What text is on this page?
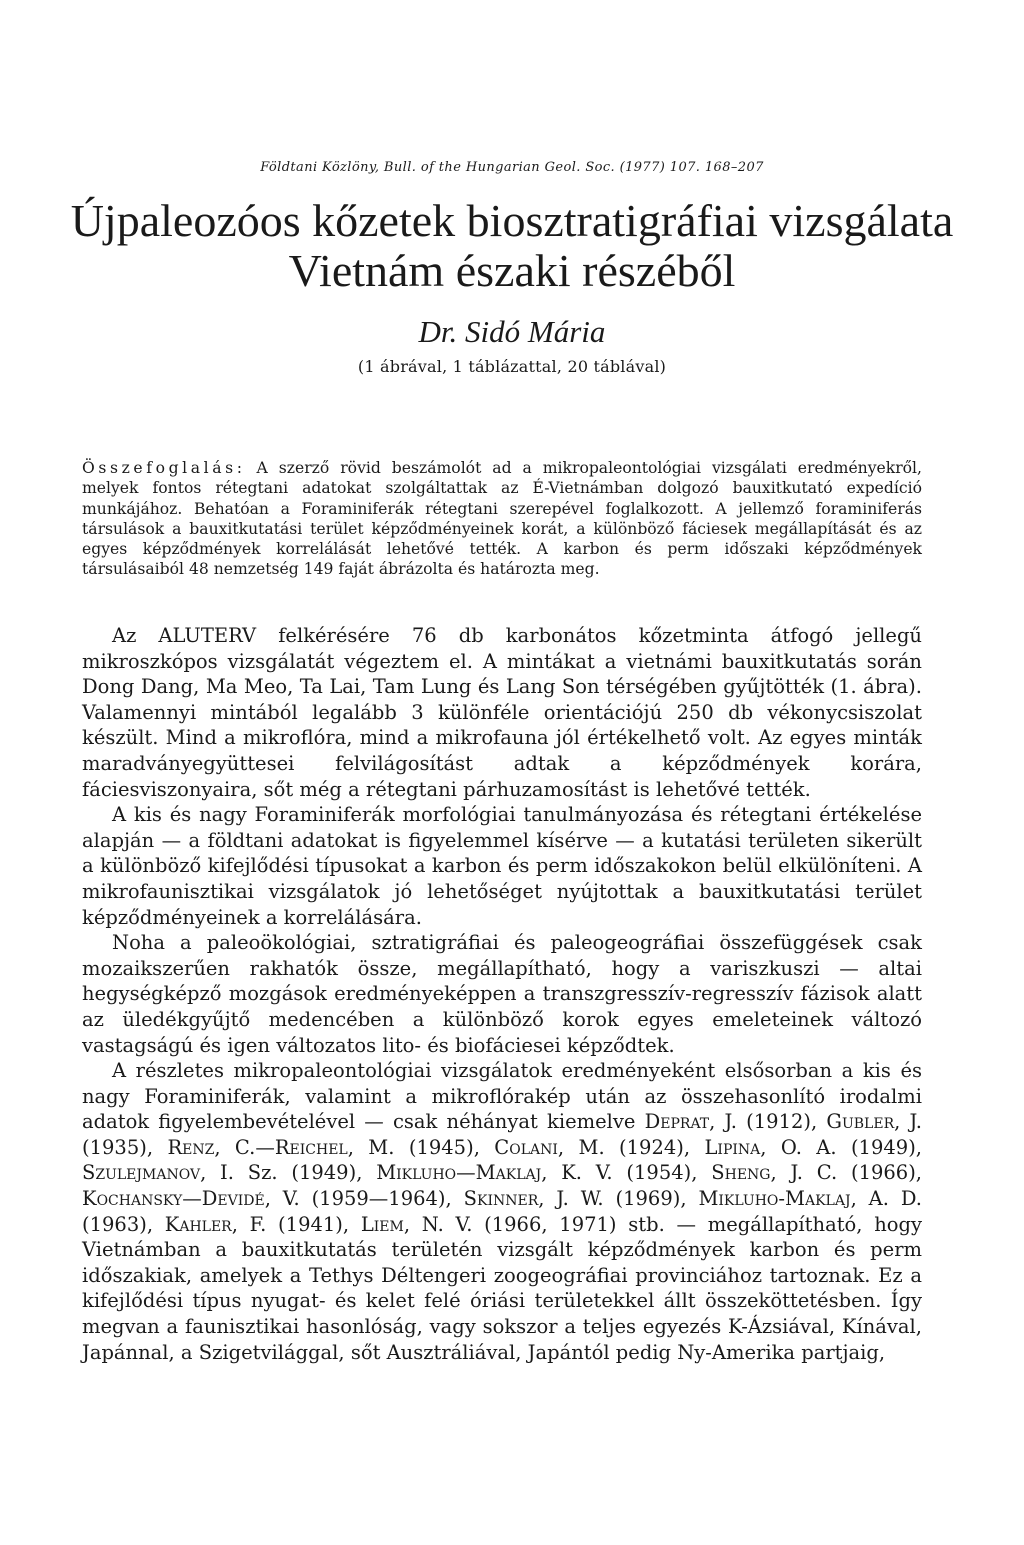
Földtani Közlöny, Bull. of the Hungarian Geol. Soc. (1977) 107. 168–207
Újpaleozóos kőzetek biosztratigráfiai vizsgálata
Vietnám északi részéből
Dr. Sidó Mária
(1 ábrával, 1 táblázattal, 20 táblával)

Összefoglalás: A szerző rövid beszámolót ad a mikropaleontológiai vizsgálati eredményekről, melyek fontos rétegtani adatokat szolgáltattak az É-Vietnámban dolgozó bauxitkutató expedíció munkájához. Behatóan a Foraminiferák rétegtani szerepével foglalkozott. A jellemző foraminiferás társulások a bauxitkutatási terület képződményeinek korát, a különböző fáciesek megállapítását és az egyes képződmények korrelálását lehetővé tették. A karbon és perm időszaki képződmények társulásaiból 48 nemzetség 149 faját ábrázolta és határozta meg.

Az ALUTERV felkérésére 76 db karbonátos kőzetminta átfogó jellegű mikroszkópos vizsgálatát végeztem el. A mintákat a vietnámi bauxitkutatás során Dong Dang, Ma Meo, Ta Lai, Tam Lung és Lang Son térségében gyűjtötték (1. ábra). Valamennyi mintából legalább 3 különféle orientációjú 250 db vékonycsiszolat készült. Mind a mikroflóra, mind a mikrofauna jól értékelhető volt. Az egyes minták maradványegyüttesei felvilágosítást adtak a képződmények korára, fáciesviszonyaira, sőt még a rétegtani párhuzamosítást is lehetővé tették.

A kis és nagy Foraminiferák morfológiai tanulmányozása és rétegtani értékelése alapján — a földtani adatokat is figyelemmel kísérve — a kutatási területen sikerült a különböző kifejlődési típusokat a karbon és perm időszakokon belül elkülöníteni. A mikrofaunisztikai vizsgálatok jó lehetőséget nyújtottak a bauxitkutatási terület képződményeinek a korrelálására.

Noha a paleoökológiai, sztratigráfiai és paleogeográfiai összefüggések csak mozaikszerűen rakhatók össze, megállapítható, hogy a variszkuszi — altai hegységképző mozgások eredményeképpen a transzgresszív-regresszív fázisok alatt az üledékgyűjtő medencében a különböző korok egyes emeleteinek változó vastagságú és igen változatos lito- és biofáciesei képződtek.

A részletes mikropaleontológiai vizsgálatok eredményeként elsősorban a kis és nagy Foraminiferák, valamint a mikroflórakép után az összehasonlító irodalmi adatok figyelembevételével — csak néhányat kiemelve Deprat, J. (1912), Gubler, J. (1935), Renz, C.—Reichel, M. (1945), Colani, M. (1924), Lipina, O. A. (1949), Szulejmanov, I. Sz. (1949), Mikluho—Maklaj, K. V. (1954), Sheng, J. C. (1966), Kochansky—Devidé, V. (1959—1964), Skinner, J. W. (1969), Mikluho-Maklaj, A. D. (1963), Kahler, F. (1941), Liem, N. V. (1966, 1971) stb. — megállapítható, hogy Vietnámban a bauxitkutatás területén vizsgált képződmények karbon és perm időszakiak, amelyek a Tethys Déltengeri zoogeográfiai provinciához tartoznak. Ez a kifejlődési típus nyugat- és kelet felé óriási területekkel állt összeköttetésben. Így megvan a faunisztikai hasonlóság, vagy sokszor a teljes egyezés K-Ázsiával, Kínával, Japánnal, a Szigetvilággal, sőt Ausztráliával, Japántól pedig Ny-Amerika partjaig,
